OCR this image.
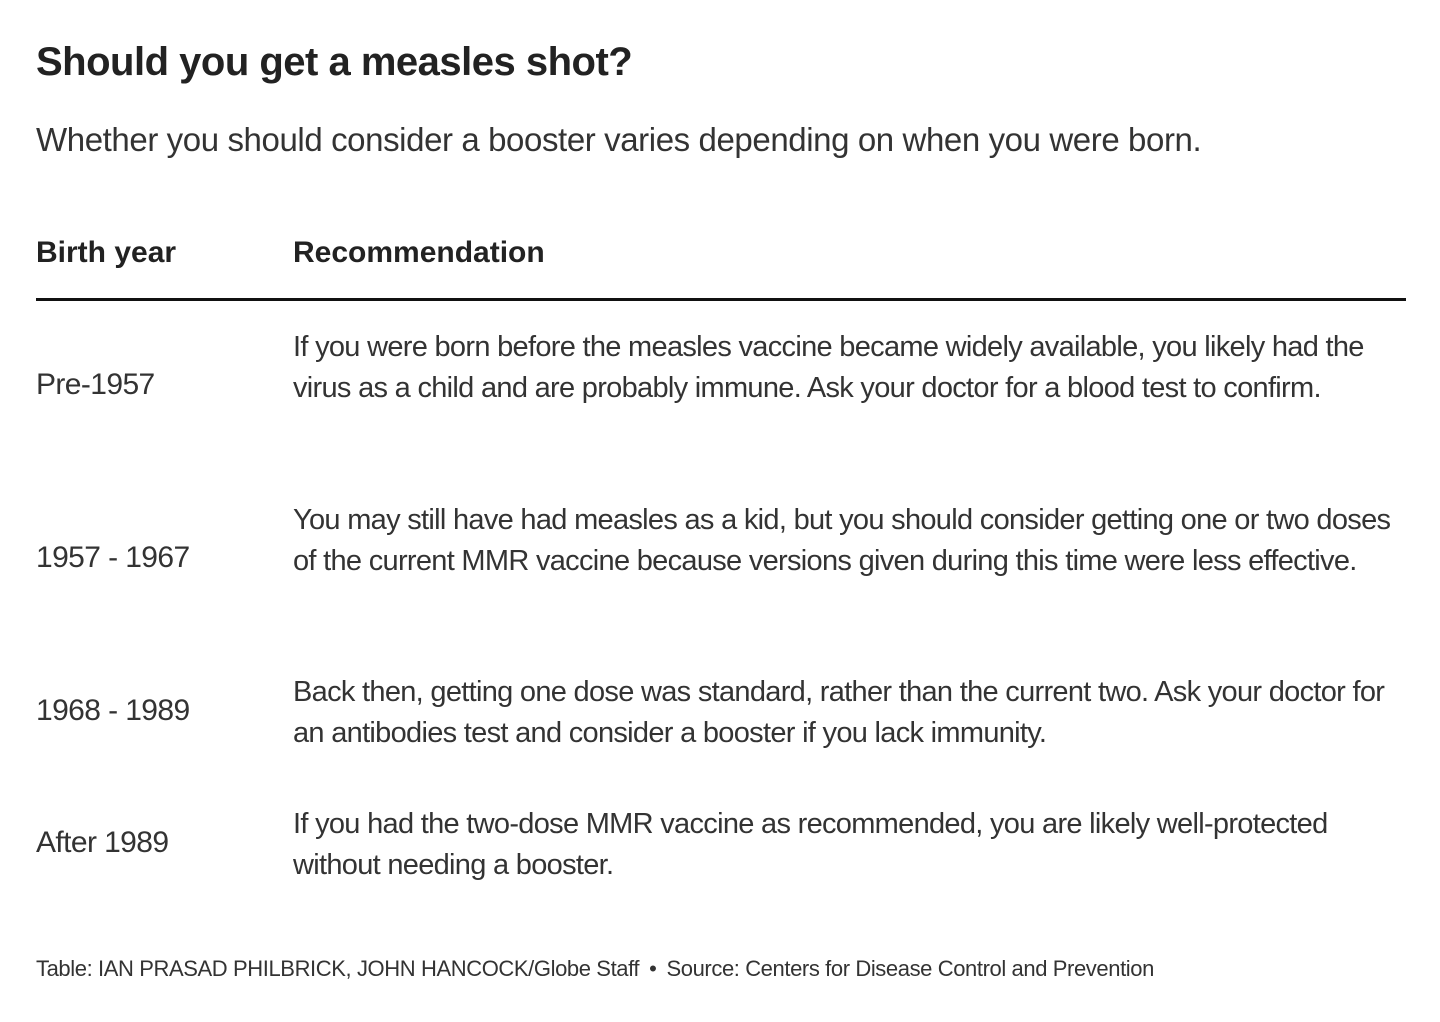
Should you get a measles shot?
Whether you should consider a booster varies depending on when you were born.
Birth year	Recommendation
Pre-1957
If you were born before the measles vaccine became widely available, you likely had the virus as a child and are probably immune. Ask your doctor for a blood test to confirm.
1957 - 1967
You may still have had measles as a kid, but you should consider getting one or two doses of the current MMR vaccine because versions given during this time were less effective.
1968 - 1989
Back then, getting one dose was standard, rather than the current two. Ask your doctor for an antibodies test and consider a booster if you lack immunity.
After 1989
If you had the two-dose MMR vaccine as recommended, you are likely well-protected without needing a booster.
Table: IAN PRASAD PHILBRICK, JOHN HANCOCK/Globe Staff • Source: Centers for Disease Control and Prevention
